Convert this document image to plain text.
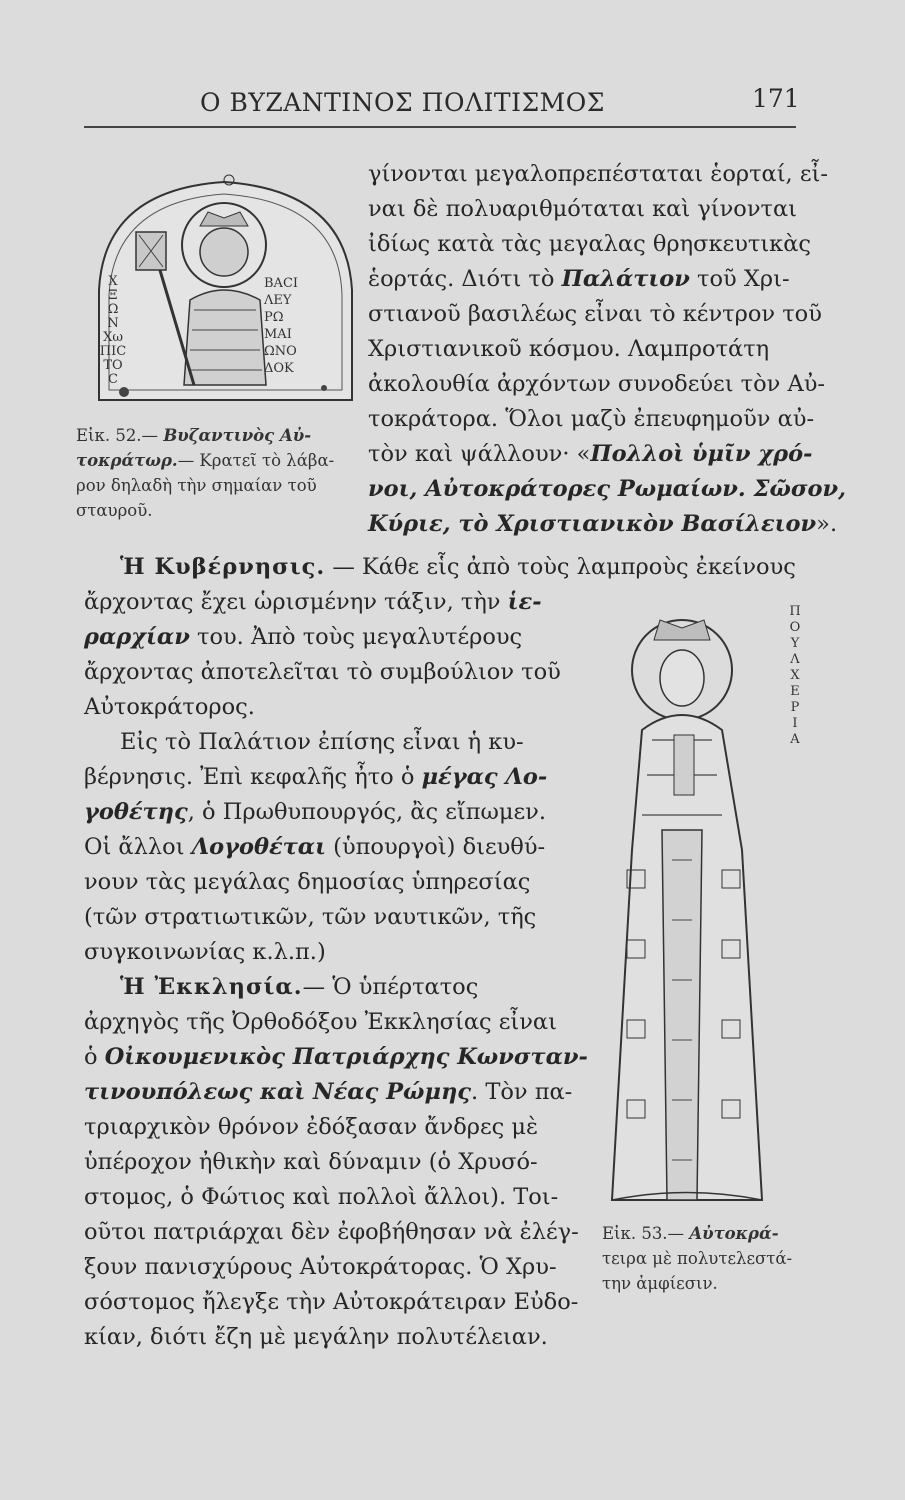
Ο ΒΥΖΑΝΤΙΝΟΣ ΠΟΛΙΤΙΣΜΟΣ	171
Χ
Ξ
Ω
Ν
Χω
ΠΙC
ΤΟ
C
ΒΑCΙ
ΛΕΥ
ΡΩ
ΜΑΙ
ΩΝΟ
ΔΟΚ
Εἰκ. 52.— Βυζαντινὸς Αὐ-
τοκράτωρ.— Κρατεῖ τὸ λάβα-
ρον δηλαδὴ τὴν σημαίαν τοῦ
σταυροῦ.
Π
Ο
Υ
Λ
Χ
Ε
Ρ
Ι
Α
Εἰκ. 53.— Αὐτοκρά-
τειρα μὲ πολυτελεστά-
την ἀμφίεσιν.
γίνονται μεγαλοπρεπέσταται ἑορταί, εἶ-
ναι δὲ πολυαριθμόταται καὶ γίνονται
ἰδίως κατὰ τὰς μεγαλας θρησκευτικὰς
ἑορτάς. Διότι τὸ Παλάτιον τοῦ Χρι-
στιανοῦ βασιλέως εἶναι τὸ κέντρον τοῦ
Χριστιανικοῦ κόσμου. Λαμπροτάτη
ἀκολουθία ἀρχόντων συνοδεύει τὸν Αὐ-
τοκράτορα. Ὅλοι μαζὺ ἐπευφημοῦν αὐ-
τὸν καὶ ψάλλουν· «Πολλοὶ ὑμῖν χρό-
νοι, Αὐτοκράτορες Ρωμαίων. Σῶσον,
Κύριε, τὸ Χριστιανικὸν Βασίλειον».
Ἡ Κυβέρνησις. — Κάθε εἷς ἀπὸ τοὺς λαμπροὺς ἐκείνους
ἄρχοντας ἔχει ὡρισμένην τάξιν, τὴν ἱε-
ραρχίαν του. Ἀπὸ τοὺς μεγαλυτέρους
ἄρχοντας ἀποτελεῖται τὸ συμβούλιον τοῦ
Αὐτοκράτορος.
Εἰς τὸ Παλάτιον ἐπίσης εἶναι ἡ κυ-
βέρνησις. Ἐπὶ κεφαλῆς ἦτο ὁ μέγας Λο-
γοθέτης, ὁ Πρωθυπουργός, ἂς εἴπωμεν.
Οἱ ἄλλοι Λογοθέται (ὑπουργοὶ) διευθύ-
νουν τὰς μεγάλας δημοσίας ὑπηρεσίας
(τῶν στρατιωτικῶν, τῶν ναυτικῶν, τῆς
συγκοινωνίας κ.λ.π.)
Ἡ Ἐκκλησία.— Ὁ ὑπέρτατος
ἀρχηγὸς τῆς Ὀρθοδόξου Ἐκκλησίας εἶναι
ὁ Οἰκουμενικὸς Πατριάρχης Κωνσταν-
τινουπόλεως καὶ Νέας Ρώμης. Τὸν πα-
τριαρχικὸν θρόνον ἐδόξασαν ἄνδρες μὲ
ὑπέροχον ἠθικὴν καὶ δύναμιν (ὁ Χρυσό-
στομος, ὁ Φώτιος καὶ πολλοὶ ἄλλοι). Τοι-
οῦτοι πατριάρχαι δὲν ἐφοβήθησαν νὰ ἐλέγ-
ξουν πανισχύρους Αὐτοκράτορας. Ὁ Χρυ-
σόστομος ἤλεγξε τὴν Αὐτοκράτειραν Εὐδο-
κίαν, διότι ἔζη μὲ μεγάλην πολυτέλειαν.
